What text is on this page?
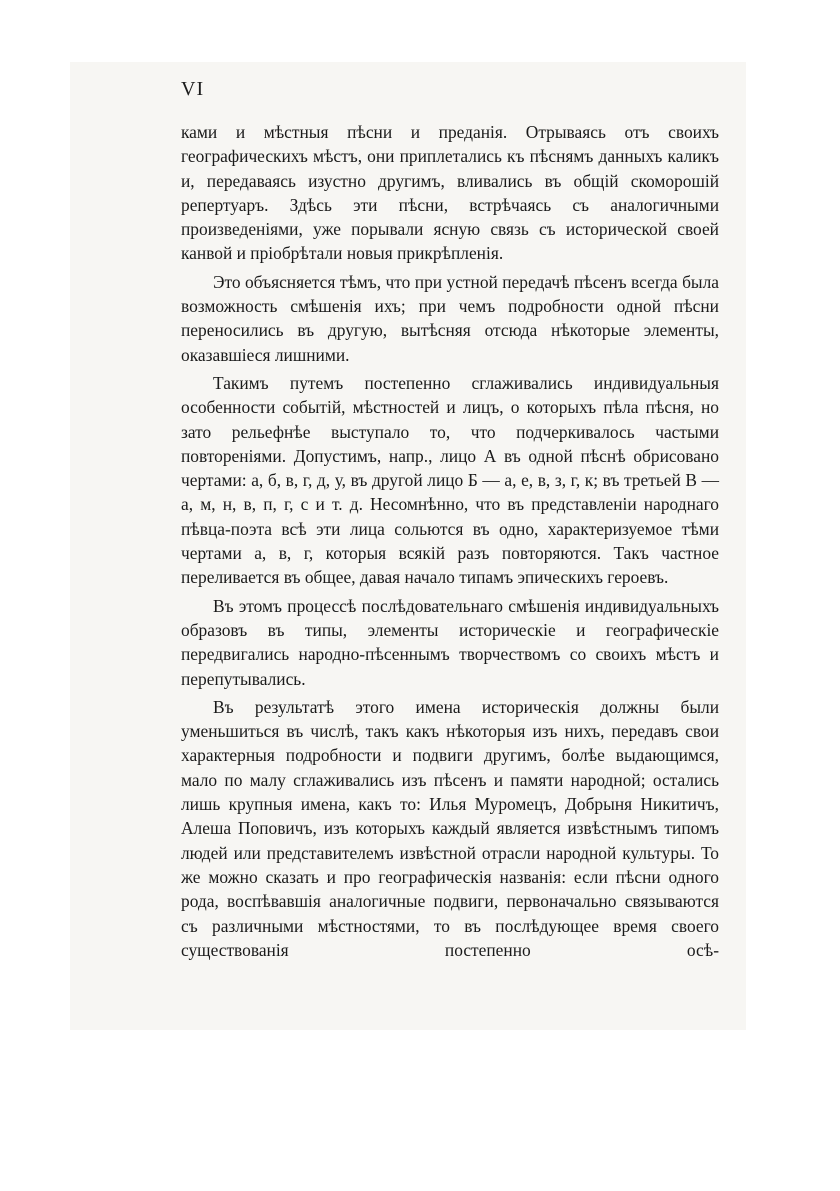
VI

ками и мѣстныя пѣсни и преданія. Отрываясь отъ своихъ географическихъ мѣстъ, они приплетались къ пѣснямъ данныхъ каликъ и, передаваясь изустно другимъ, вливались въ общій скоморошій репертуаръ. Здѣсь эти пѣсни, встрѣчаясь съ аналогичными произведеніями, уже порывали ясную связь съ исторической своей канвой и пріобрѣтали новыя прикрѣпленія.

Это объясняется тѣмъ, что при устной передачѣ пѣсенъ всегда была возможность смѣшенія ихъ; при чемъ подробности одной пѣсни переносились въ другую, вытѣсняя отсюда нѣкоторые элементы, оказавшіеся лишними.

Такимъ путемъ постепенно сглаживались индивидуальныя особенности событій, мѣстностей и лицъ, о которыхъ пѣла пѣсня, но зато рельефнѣе выступало то, что подчеркивалось частыми повтореніями. Допустимъ, напр., лицо А въ одной пѣснѣ обрисовано чертами: а, б, в, г, д, у, въ другой лицо Б — а, е, в, з, г, к; въ третьей В — а, м, н, в, п, г, с и т. д. Несомнѣнно, что въ представленіи народнаго пѣвца-поэта всѣ эти лица сольются въ одно, характеризуемое тѣми чертами а, в, г, которыя всякій разъ повторяются. Такъ частное переливается въ общее, давая начало типамъ эпическихъ героевъ.

Въ этомъ процессѣ послѣдовательнаго смѣшенія индивидуальныхъ образовъ въ типы, элементы историческіе и географическіе передвигались народно-пѣсеннымъ творчествомъ со своихъ мѣстъ и перепутывались.

Въ результатѣ этого имена историческія должны были уменьшиться въ числѣ, такъ какъ нѣкоторыя изъ нихъ, передавъ свои характерныя подробности и подвиги другимъ, болѣе выдающимся, мало по малу сглаживались изъ пѣсенъ и памяти народной; остались лишь крупныя имена, какъ то: Илья Муромецъ, Добрыня Никитичъ, Алеша Поповичъ, изъ которыхъ каждый является извѣстнымъ типомъ людей или представителемъ извѣстной отрасли народной культуры. То же можно сказать и про географическія названія: если пѣсни одного рода, воспѣвавшія аналогичные подвиги, первоначально связываются съ различными мѣстностями, то въ послѣдующее время своего существованія постепенно осѣ-
